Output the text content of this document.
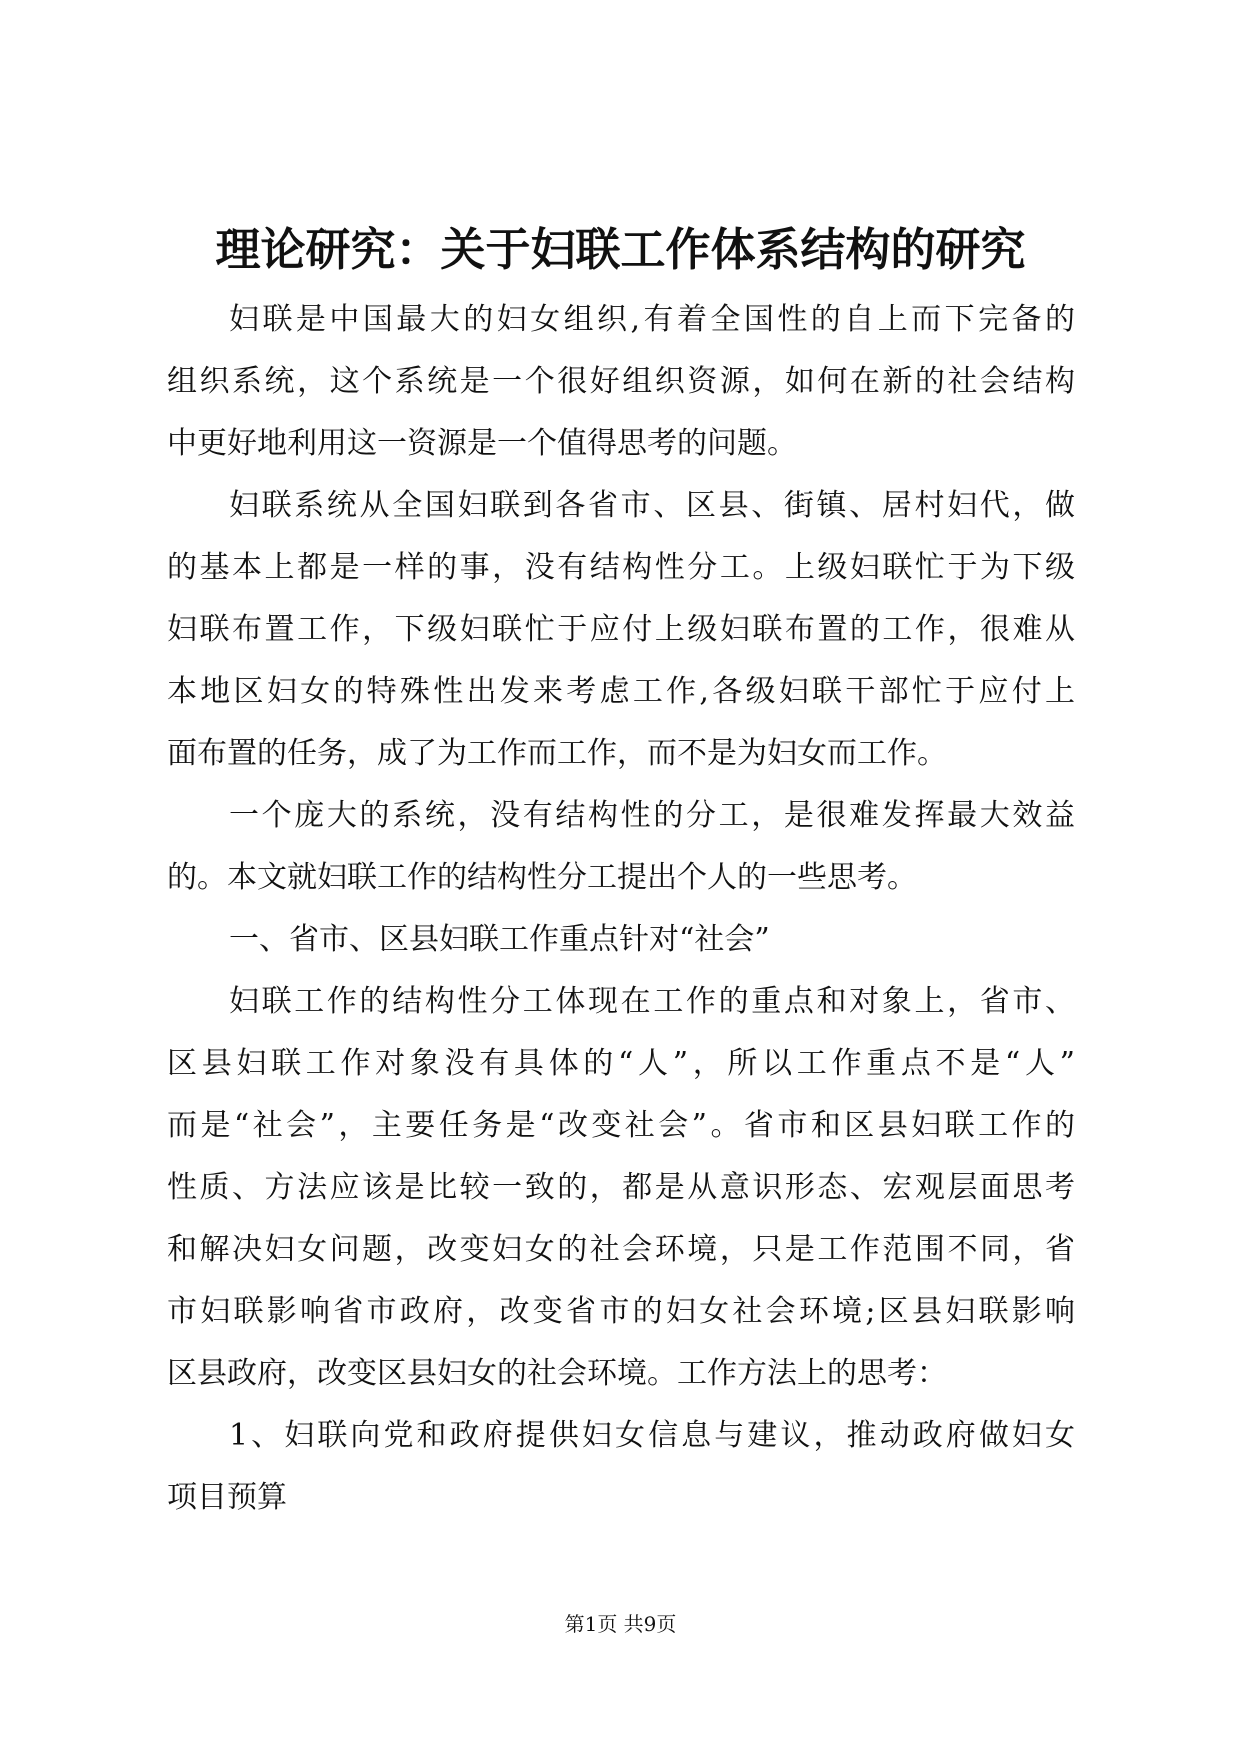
理论研究：关于妇联工作体系结构的研究
妇联是中国最大的妇女组织,有着全国性的自上而下完备的
组织系统，这个系统是一个很好组织资源，如何在新的社会结构
中更好地利用这一资源是一个值得思考的问题。
妇联系统从全国妇联到各省市、区县、街镇、居村妇代，做
的基本上都是一样的事，没有结构性分工。上级妇联忙于为下级
妇联布置工作，下级妇联忙于应付上级妇联布置的工作，很难从
本地区妇女的特殊性出发来考虑工作,各级妇联干部忙于应付上
面布置的任务，成了为工作而工作，而不是为妇女而工作。
一个庞大的系统，没有结构性的分工，是很难发挥最大效益
的。本文就妇联工作的结构性分工提出个人的一些思考。
一、省市、区县妇联工作重点针对“社会”
妇联工作的结构性分工体现在工作的重点和对象上，省市、
区县妇联工作对象没有具体的“人”，所以工作重点不是“人”
而是“社会”，主要任务是“改变社会”。省市和区县妇联工作的
性质、方法应该是比较一致的，都是从意识形态、宏观层面思考
和解决妇女问题，改变妇女的社会环境，只是工作范围不同，省
市妇联影响省市政府，改变省市的妇女社会环境;区县妇联影响
区县政府，改变区县妇女的社会环境。工作方法上的思考：
1、妇联向党和政府提供妇女信息与建议，推动政府做妇女
项目预算
第1页 共9页
